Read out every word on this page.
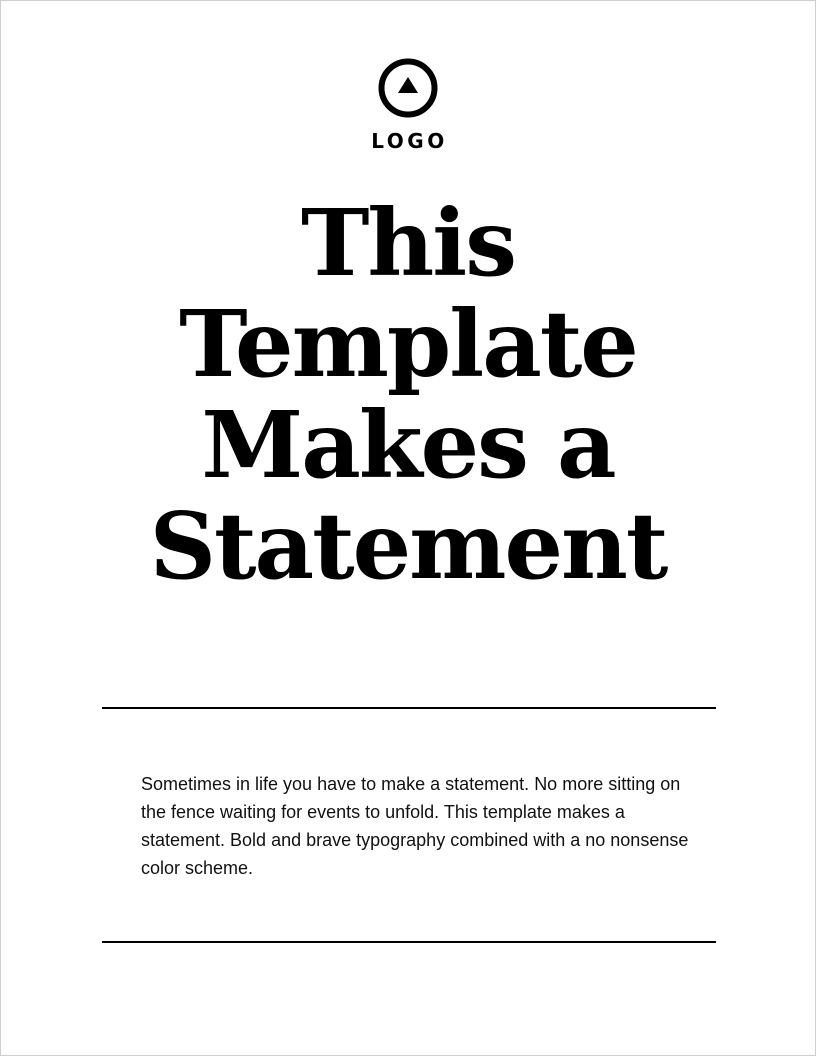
LOGO
This
Template
Makes a
Statement

Sometimes in life you have to make a statement. No more sitting on the fence waiting for events to unfold. This template makes a statement. Bold and brave typography combined with a no nonsense color scheme.
